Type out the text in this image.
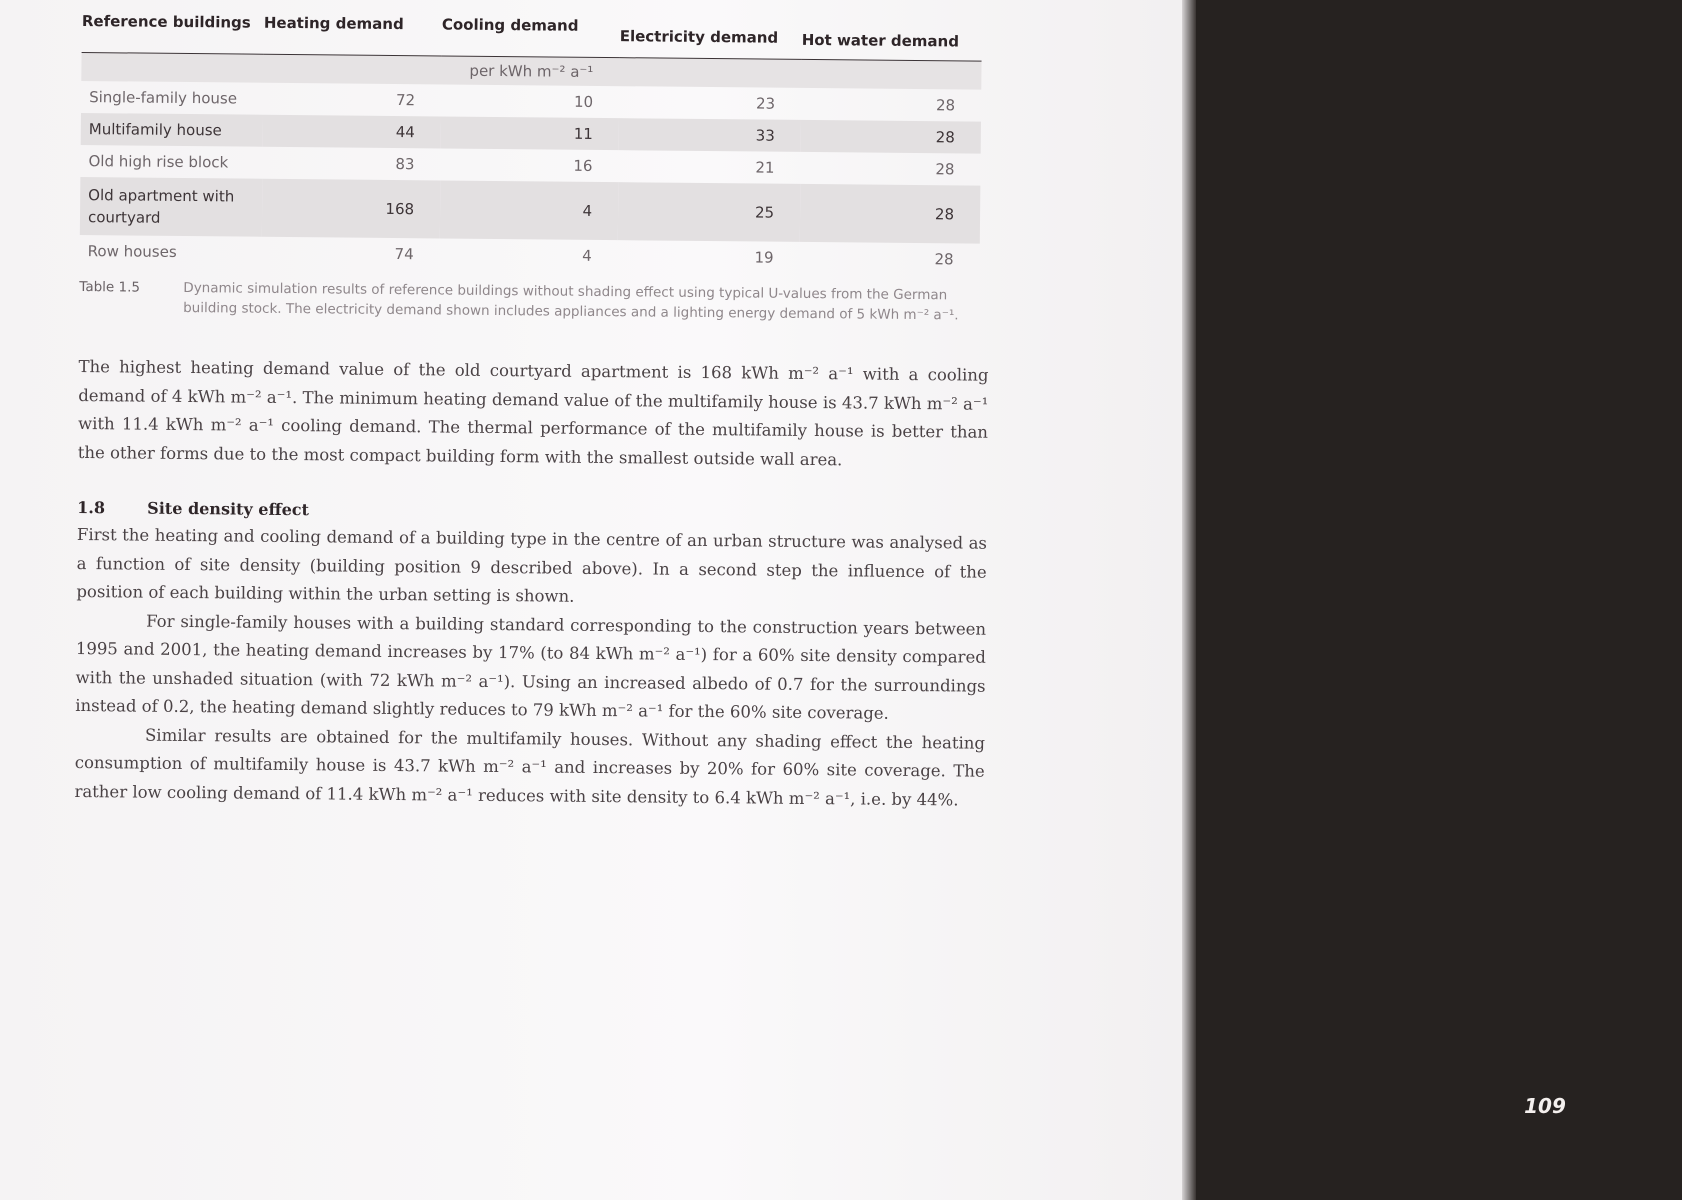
Reference buildings	Heating demand	Cooling demand	Electricity demand	Hot water demand
per kWh m⁻² a⁻¹				
Single-family house	72	10	23	28
Multifamily house	44	11	33	28
Old high rise block	83	16	21	28
Old apartment with courtyard	168	4	25	28
Row houses	74	4	19	28
Table 1.5	Dynamic simulation results of reference buildings without shading effect using typical U-values from the German building stock. The electricity demand shown includes appliances and a lighting energy demand of 5 kWh m⁻² a⁻¹.

The highest heating demand value of the old courtyard apartment is 168 kWh m⁻² a⁻¹ with a cooling demand of 4 kWh m⁻² a⁻¹. The minimum heating demand value of the multifamily house is 43.7 kWh m⁻² a⁻¹ with 11.4 kWh m⁻² a⁻¹ cooling demand. The thermal performance of the multifamily house is better than the other forms due to the most compact building form with the smallest outside wall area.

1.8	Site density effect

First the heating and cooling demand of a building type in the centre of an urban structure was analysed as a function of site density (building position 9 described above). In a second step the influence of the position of each building within the urban setting is shown.

For single-family houses with a building standard corresponding to the construction years between 1995 and 2001, the heating demand increases by 17% (to 84 kWh m⁻² a⁻¹) for a 60% site density compared with the unshaded situation (with 72 kWh m⁻² a⁻¹). Using an increased albedo of 0.7 for the surroundings instead of 0.2, the heating demand slightly reduces to 79 kWh m⁻² a⁻¹ for the 60% site coverage.

Similar results are obtained for the multifamily houses. Without any shading effect the heating consumption of multifamily house is 43.7 kWh m⁻² a⁻¹ and increases by 20% for 60% site coverage. The rather low cooling demand of 11.4 kWh m⁻² a⁻¹ reduces with site density to 6.4 kWh m⁻² a⁻¹, i.e. by 44%.

109
